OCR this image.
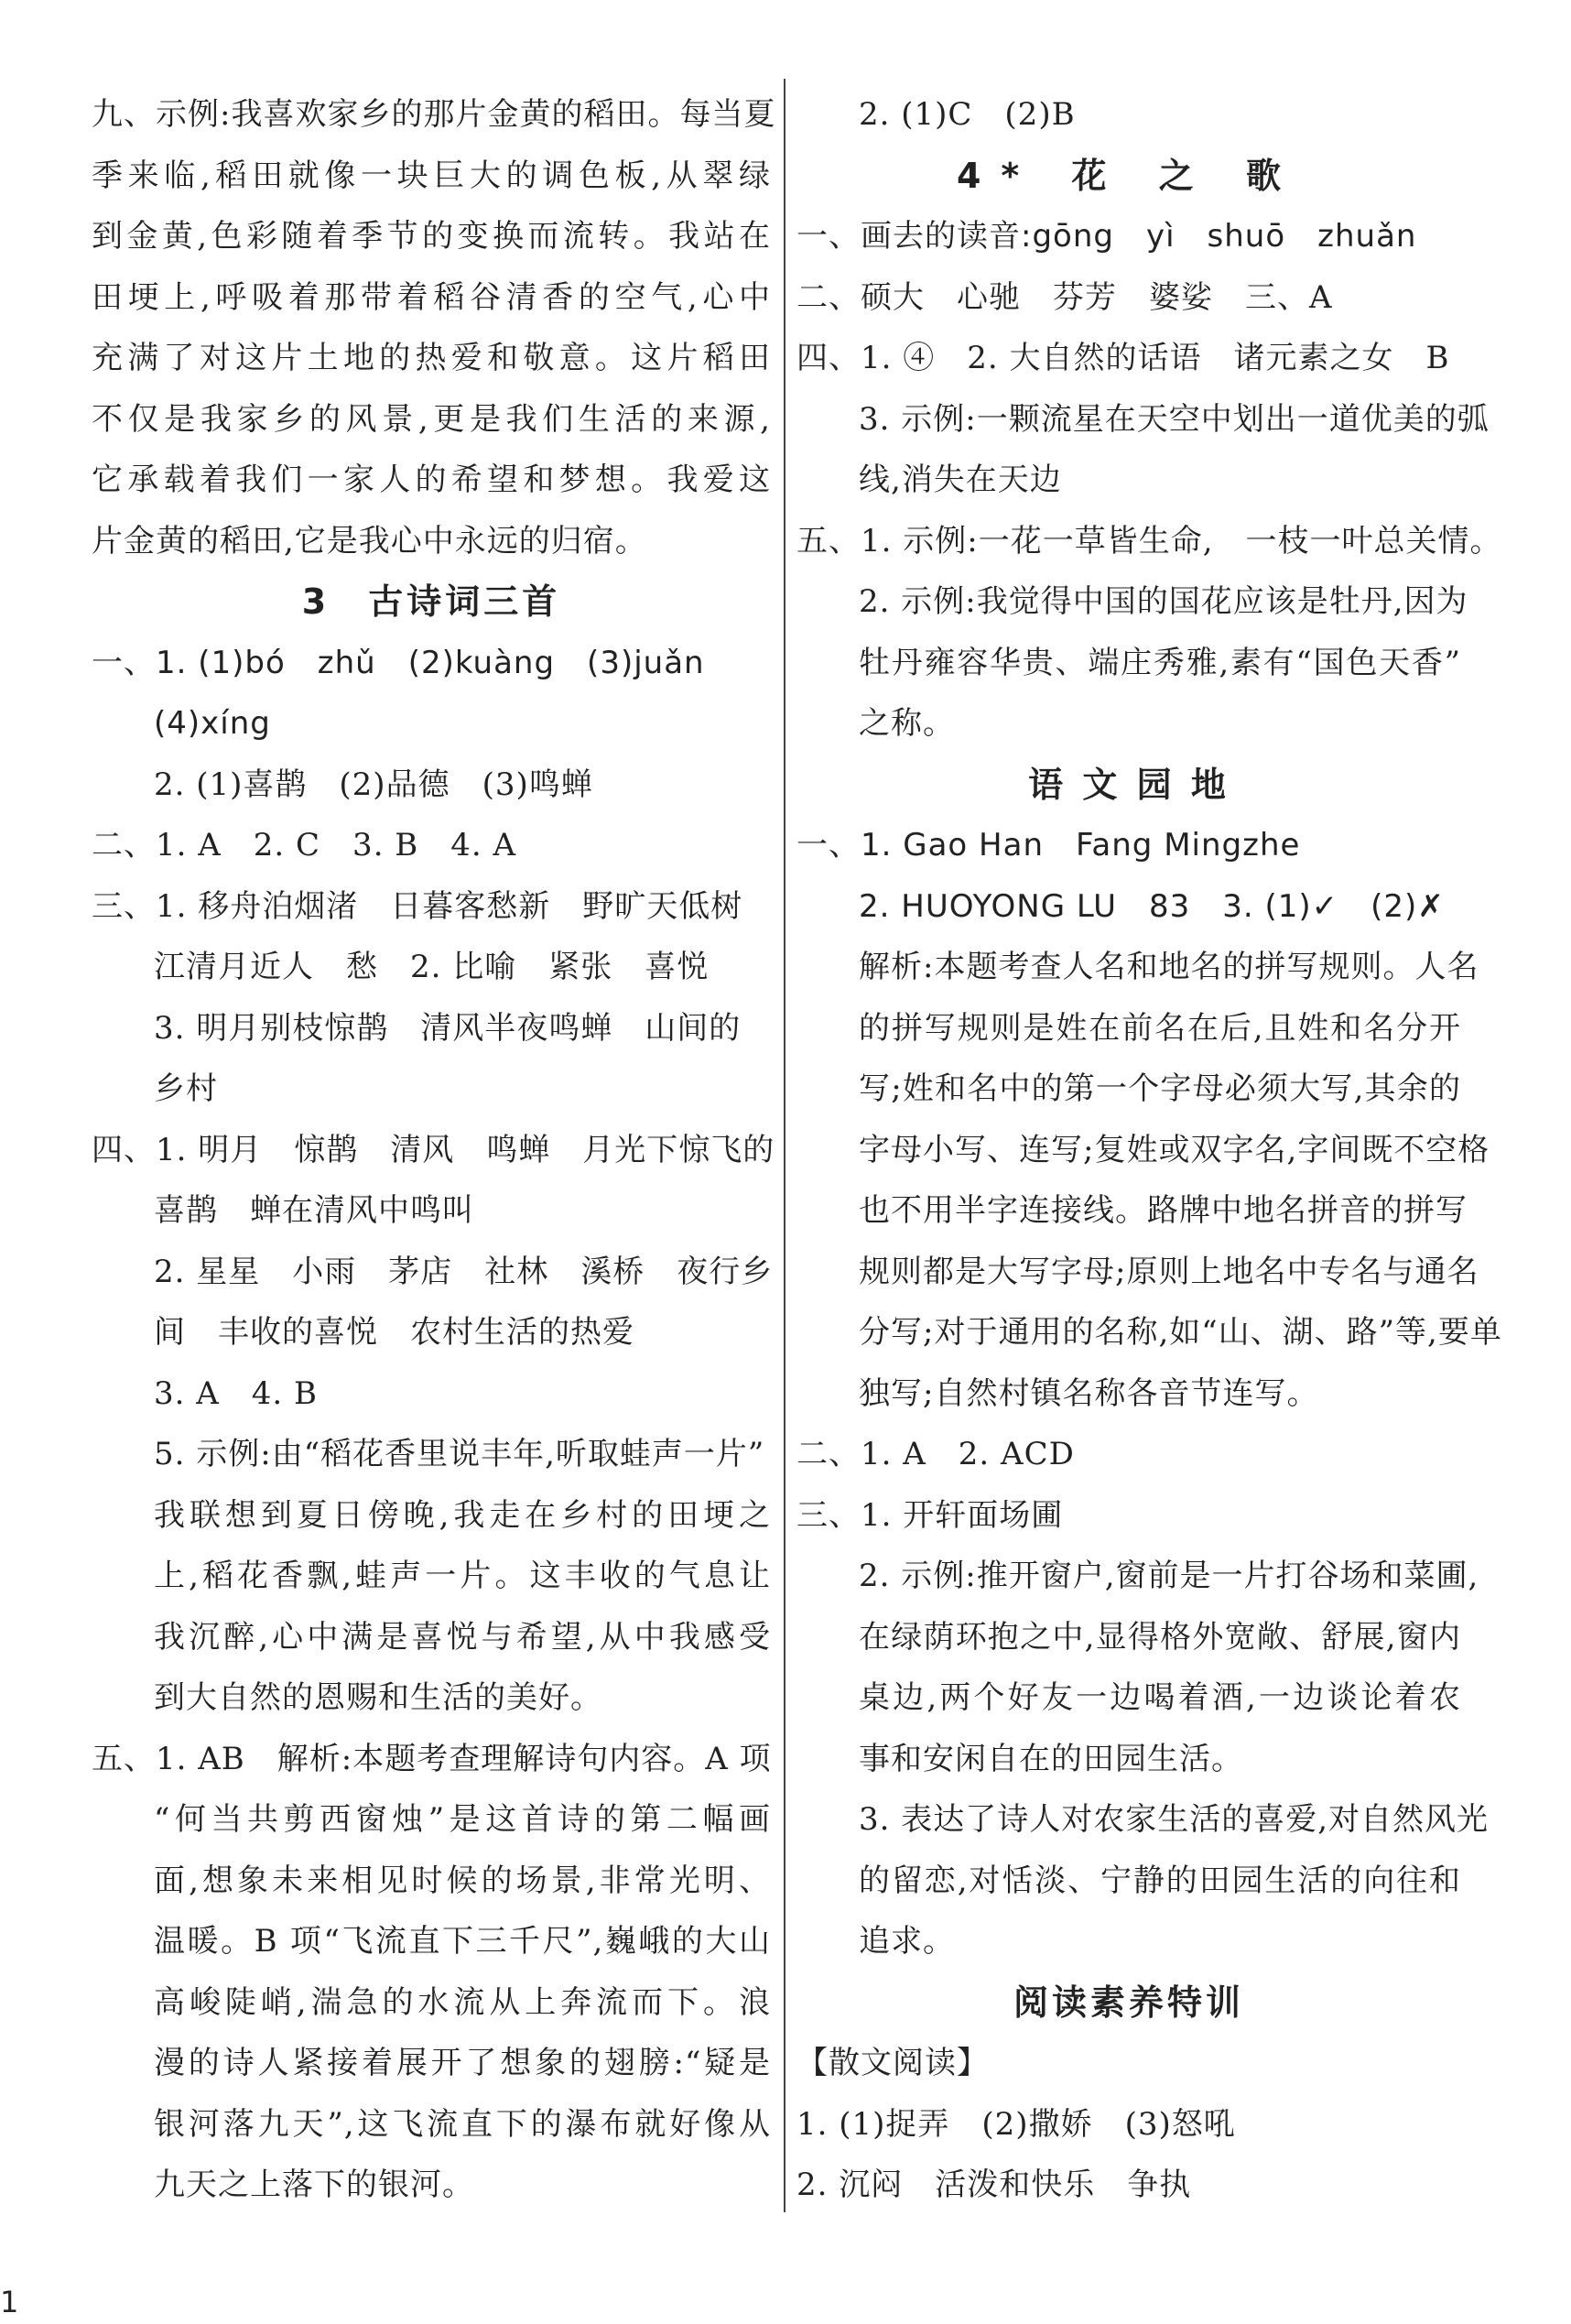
九、示例:我喜欢家乡的那片金黄的稻田。每当夏
季来临,稻田就像一块巨大的调色板,从翠绿
到金黄,色彩随着季节的变换而流转。我站在
田埂上,呼吸着那带着稻谷清香的空气,心中
充满了对这片土地的热爱和敬意。这片稻田
不仅是我家乡的风景,更是我们生活的来源,
它承载着我们一家人的希望和梦想。我爱这
片金黄的稻田,它是我心中永远的归宿。
3　古诗词三首
一、1. (1)bó　zhǔ　(2)kuàng　(3)juǎn
(4)xíng
2. (1)喜鹊　(2)品德　(3)鸣蝉
二、1. A　2. C　3. B　4. A
三、1. 移舟泊烟渚　日暮客愁新　野旷天低树
江清月近人　愁　2. 比喻　紧张　喜悦
3. 明月别枝惊鹊　清风半夜鸣蝉　山间的
乡村
四、1. 明月　惊鹊　清风　鸣蝉　月光下惊飞的
喜鹊　蝉在清风中鸣叫
2. 星星　小雨　茅店　社林　溪桥　夜行乡
间　丰收的喜悦　农村生活的热爱
3. A　4. B
5. 示例:由“稻花香里说丰年,听取蛙声一片”
我联想到夏日傍晚,我走在乡村的田埂之
上,稻花香飘,蛙声一片。这丰收的气息让
我沉醉,心中满是喜悦与希望,从中我感受
到大自然的恩赐和生活的美好。
五、1. AB　解析:本题考查理解诗句内容。A 项
“何当共剪西窗烛”是这首诗的第二幅画
面,想象未来相见时候的场景,非常光明、
温暖。B 项“飞流直下三千尺”,巍峨的大山
高峻陡峭,湍急的水流从上奔流而下。浪
漫的诗人紧接着展开了想象的翅膀:“疑是
银河落九天”,这飞流直下的瀑布就好像从
九天之上落下的银河。
2. (1)C　(2)B
4* 花 之 歌
一、画去的读音:gōng　yì　shuō　zhuǎn
二、硕大　心驰　芬芳　婆娑　三、A
四、1. ④　2. 大自然的话语　诸元素之女　B
3. 示例:一颗流星在天空中划出一道优美的弧
线,消失在天边
五、1. 示例:一花一草皆生命,　一枝一叶总关情。
2. 示例:我觉得中国的国花应该是牡丹,因为
牡丹雍容华贵、端庄秀雅,素有“国色天香”
之称。
语 文 园 地
一、1. Gao Han　Fang Mingzhe
2. HUOYONG LU　83　3. (1)✓　(2)✗
解析:本题考查人名和地名的拼写规则。人名
的拼写规则是姓在前名在后,且姓和名分开
写;姓和名中的第一个字母必须大写,其余的
字母小写、连写;复姓或双字名,字间既不空格
也不用半字连接线。路牌中地名拼音的拼写
规则都是大写字母;原则上地名中专名与通名
分写;对于通用的名称,如“山、湖、路”等,要单
独写;自然村镇名称各音节连写。
二、1. A　2. ACD
三、1. 开轩面场圃
2. 示例:推开窗户,窗前是一片打谷场和菜圃,
在绿荫环抱之中,显得格外宽敞、舒展,窗内
桌边,两个好友一边喝着酒,一边谈论着农
事和安闲自在的田园生活。
3. 表达了诗人对农家生活的喜爱,对自然风光
的留恋,对恬淡、宁静的田园生活的向往和
追求。
阅读素养特训
【散文阅读】
1. (1)捉弄　(2)撒娇　(3)怒吼
2. 沉闷　活泼和快乐　争执
1
